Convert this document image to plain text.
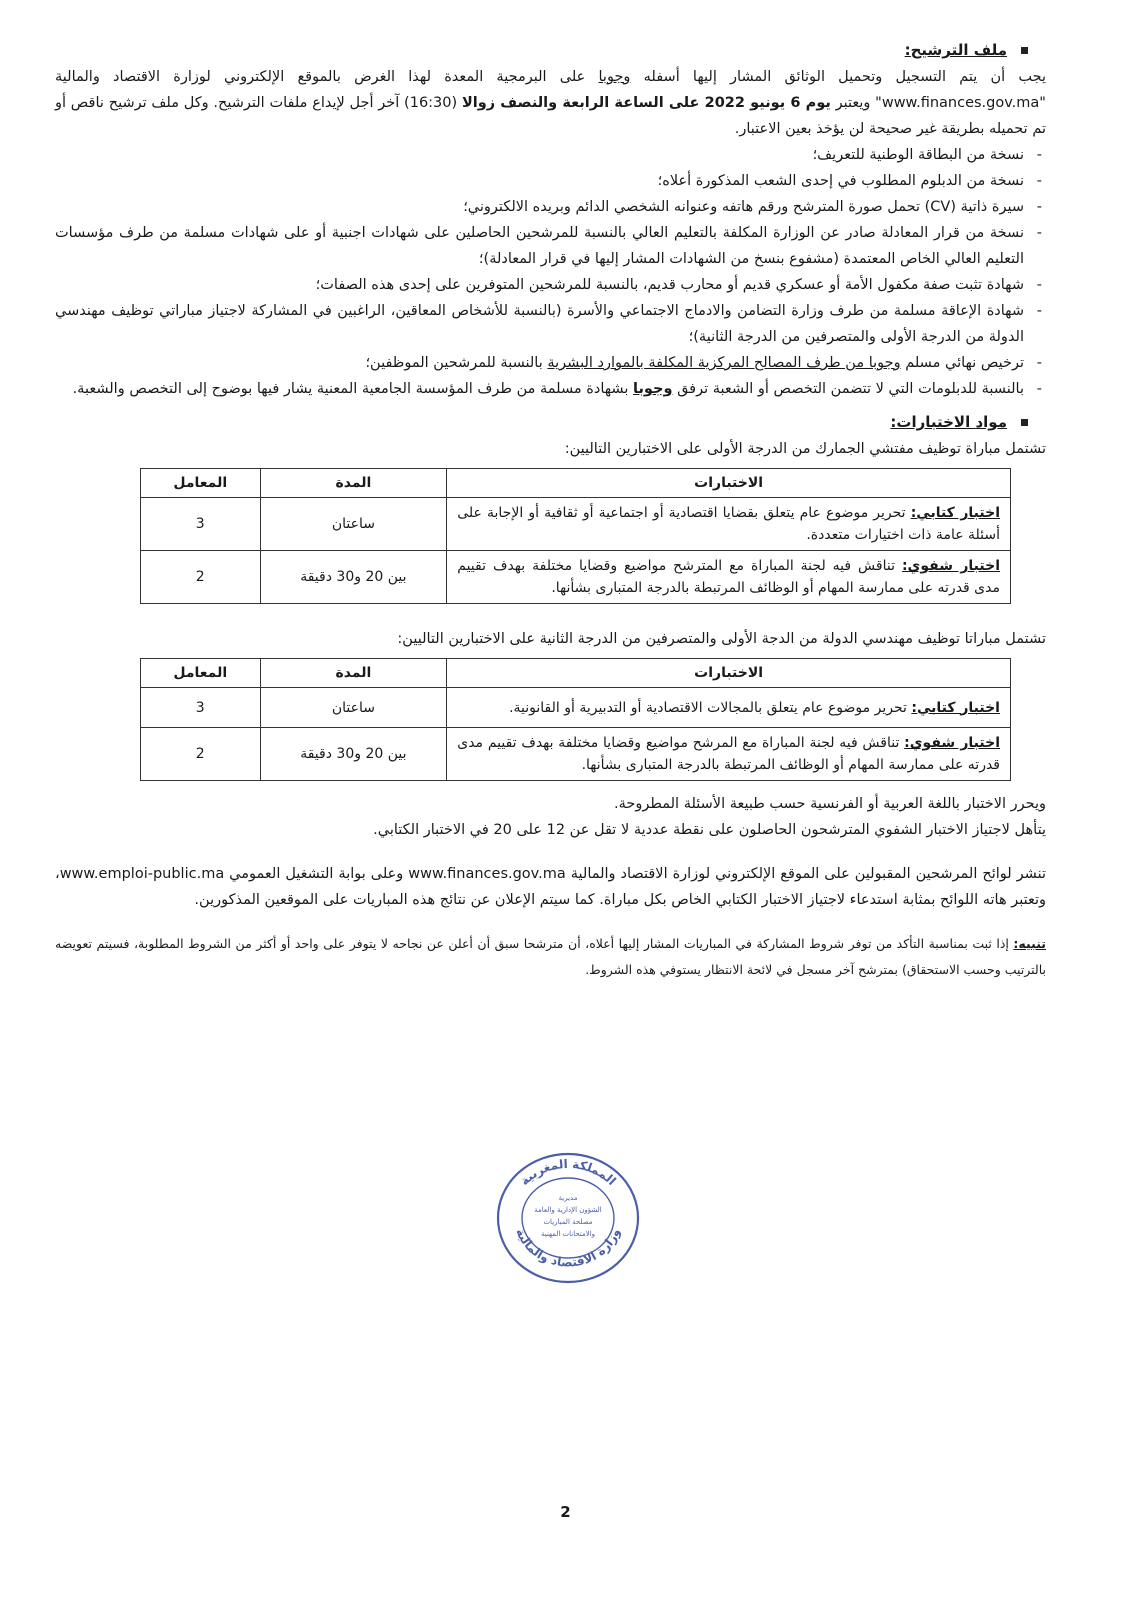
ملف الترشيح:

يجب أن يتم التسجيل وتحميل الوثائق المشار إليها أسفله وجوبا على البرمجية المعدة لهذا الغرض بالموقع الإلكتروني لوزارة الاقتصاد والمالية "www.finances.gov.ma" ويعتبر يوم 6 يونيو 2022 على الساعة الرابعة والنصف زوالا (16:30) آخر أجل لإيداع ملفات الترشيح. وكل ملف ترشيح ناقص أو تم تحميله بطريقة غير صحيحة لن يؤخذ بعين الاعتبار.

- نسخة من البطاقة الوطنية للتعريف؛
- نسخة من الدبلوم المطلوب في إحدى الشعب المذكورة أعلاه؛
- سيرة ذاتية (CV) تحمل صورة المترشح ورقم هاتفه وعنوانه الشخصي الدائم وبريده الالكتروني؛
- نسخة من قرار المعادلة صادر عن الوزارة المكلفة بالتعليم العالي بالنسبة للمرشحين الحاصلين على شهادات اجنبية أو على شهادات مسلمة من طرف مؤسسات التعليم العالي الخاص المعتمدة (مشفوع بنسخ من الشهادات المشار إليها في قرار المعادلة)؛
- شهادة تثبت صفة مكفول الأمة أو عسكري قديم أو محارب قديم، بالنسبة للمرشحين المتوفرين على إحدى هذه الصفات؛
- شهادة الإعاقة مسلمة من طرف وزارة التضامن والادماج الاجتماعي والأسرة (بالنسبة للأشخاص المعاقين، الراغبين في المشاركة لاجتياز مباراتي توظيف مهندسي الدولة من الدرجة الأولى والمتصرفين من الدرجة الثانية)؛
- ترخيص نهائي مسلم وجوبا من طرف المصالح المركزية المكلفة بالموارد البشرية بالنسبة للمرشحين الموظفين؛
- بالنسبة للدبلومات التي لا تتضمن التخصص أو الشعبة ترفق وجوبا بشهادة مسلمة من طرف المؤسسة الجامعية المعنية يشار فيها بوضوح إلى التخصص والشعبة.
مواد الاختبارات:

تشتمل مباراة توظيف مفتشي الجمارك من الدرجة الأولى على الاختبارين التاليين:

الاختبارات	المدة	المعامل
اختبار كتابي: تحرير موضوع عام يتعلق بقضايا اقتصادية أو اجتماعية أو ثقافية أو الإجابة على أسئلة عامة ذات اختيارات متعددة.	ساعتان	3
اختبار شفوي: تناقش فيه لجنة المباراة مع المترشح مواضيع وقضايا مختلفة بهدف تقييم مدى قدرته على ممارسة المهام أو الوظائف المرتبطة بالدرجة المتبارى بشأنها.	بين 20 و30 دقيقة	2

تشتمل مباراتا توظيف مهندسي الدولة من الدجة الأولى والمتصرفين من الدرجة الثانية على الاختبارين التاليين:

الاختبارات	المدة	المعامل
اختبار كتابي: تحرير موضوع عام يتعلق بالمجالات الاقتصادية أو التدبيرية أو القانونية.	ساعتان	3
اختبار شفوي: تناقش فيه لجنة المباراة مع المرشح مواضيع وقضايا مختلفة بهدف تقييم مدى قدرته على ممارسة المهام أو الوظائف المرتبطة بالدرجة المتبارى بشأنها.	بين 20 و30 دقيقة	2

ويحرر الاختبار باللغة العربية أو الفرنسية حسب طبيعة الأسئلة المطروحة.

يتأهل لاجتياز الاختبار الشفوي المترشحون الحاصلون على نقطة عددية لا تقل عن 12 على 20 في الاختبار الكتابي.

تنشر لوائح المرشحين المقبولين على الموقع الإلكتروني لوزارة الاقتصاد والمالية www.finances.gov.ma وعلى بوابة التشغيل العمومي www.emploi-public.ma، وتعتبر هاته اللوائح بمثابة استدعاء لاجتياز الاختبار الكتابي الخاص بكل مباراة. كما سيتم الإعلان عن نتائج هذه المباريات على الموقعين المذكورين.

تنبيه: إذا ثبت بمناسبة التأكد من توفر شروط المشاركة في المباريات المشار إليها أعلاه، أن مترشحا سبق أن أعلن عن نجاحه لا يتوفر على واحد أو أكثر من الشروط المطلوبة، فسيتم تعويضه بالترتيب وحسب الاستحقاق) بمترشح آخر مسجل في لائحة الانتظار يستوفي هذه الشروط.

المملكة المغربية
وزارة الاقتصاد والمالية
مديرية
الشؤون الإدارية والعامة
مصلحة المباريات
والامتحانات المهنية
2
